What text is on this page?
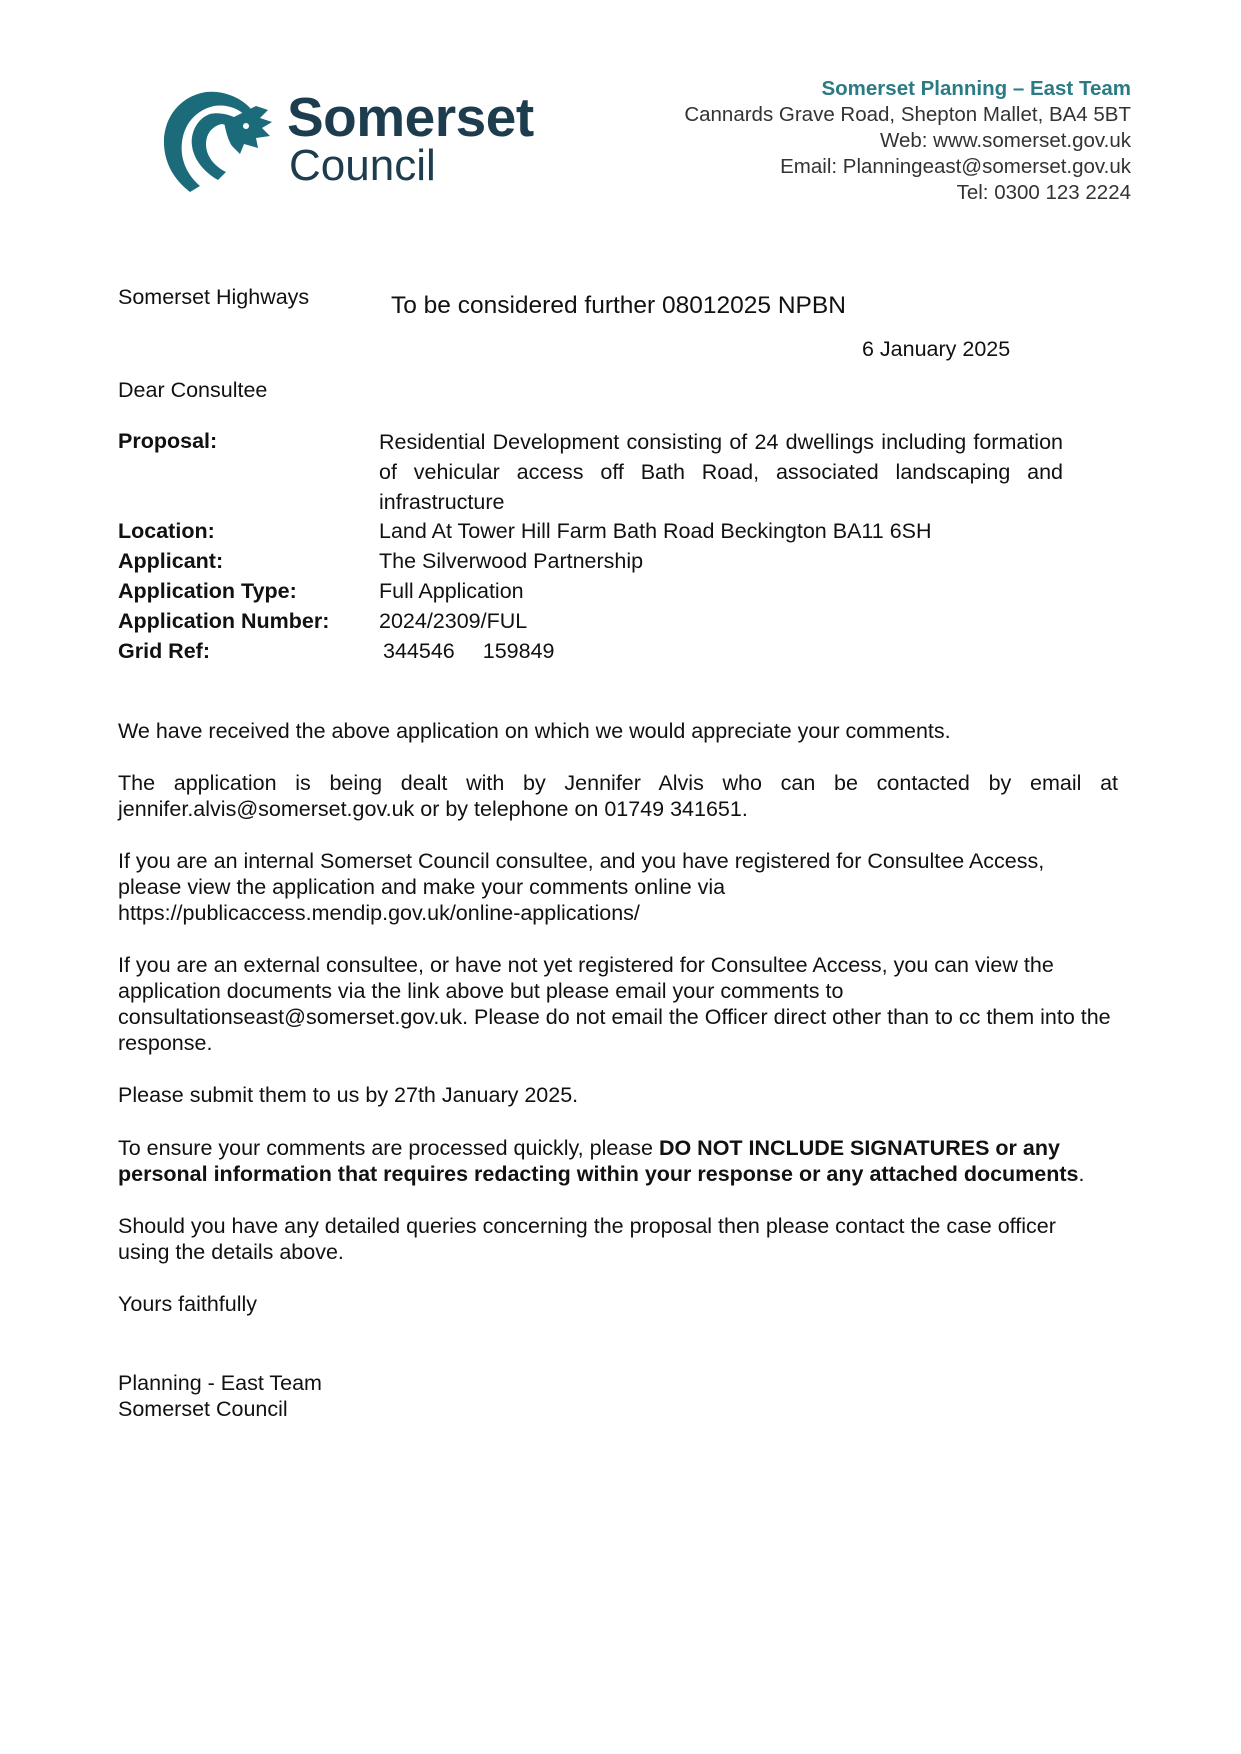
Somerset
Council
Somerset Planning – East Team
Cannards Grave Road, Shepton Mallet, BA4 5BT
Web: www.somerset.gov.uk
Email: Planningeast@somerset.gov.uk
Tel: 0300 123 2224
Somerset Highways	To be considered further 08012025 NPBN
6 January 2025
Dear Consultee
Proposal:	Residential Development consisting of 24 dwellings including formation of vehicular access off Bath Road, associated landscaping and infrastructure
Location:	Land At Tower Hill Farm Bath Road Beckington BA11 6SH
Applicant:	The Silverwood Partnership
Application Type:	Full Application
Application Number: 2024/2309/FUL
Grid Ref:	344546 159849
We have received the above application on which we would appreciate your comments.
The application is being dealt with by Jennifer Alvis who can be contacted by email at jennifer.alvis@somerset.gov.uk or by telephone on 01749 341651.
If you are an internal Somerset Council consultee, and you have registered for Consultee Access,
please view the application and make your comments online via
https://publicaccess.mendip.gov.uk/online-applications/
If you are an external consultee, or have not yet registered for Consultee Access, you can view the
application documents via the link above but please email your comments to
consultationseast@somerset.gov.uk. Please do not email the Officer direct other than to cc them into the
response.
Please submit them to us by 27th January 2025.
To ensure your comments are processed quickly, please DO NOT INCLUDE SIGNATURES or any personal information that requires redacting within your response or any attached documents.
Should you have any detailed queries concerning the proposal then please contact the case officer
using the details above.
Yours faithfully
Planning - East Team
Somerset Council
